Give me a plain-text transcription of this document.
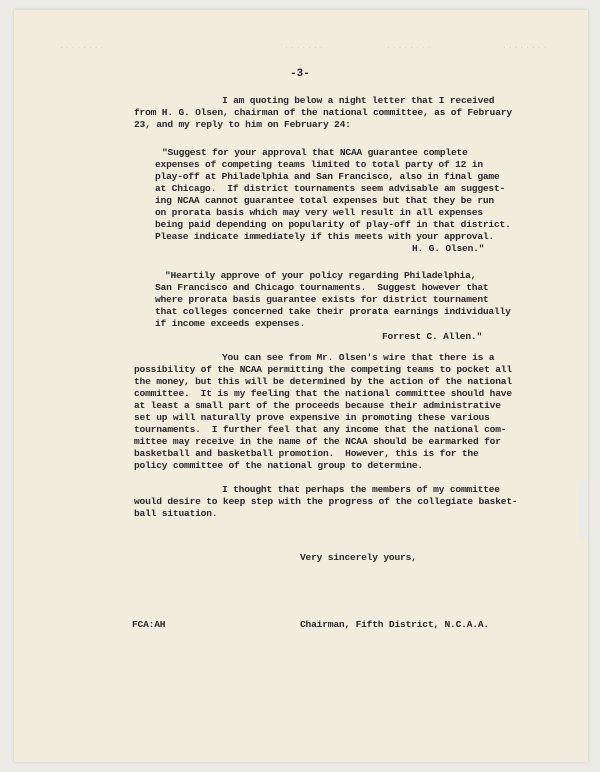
........	.......	........	........
-3-
I am quoting below a night letter that I received
from H. G. Olsen, chairman of the national committee, as of February
23, and my reply to him on February 24:
"Suggest for your approval that NCAA guarantee complete
expenses of competing teams limited to total party of 12 in
play-off at Philadelphia and San Francisco, also in final game
at Chicago.  If district tournaments seem advisable am suggest-
ing NCAA cannot guarantee total expenses but that they be run
on prorata basis which may very well result in all expenses
being paid depending on popularity of play-off in that district.
Please indicate immediately if this meets with your approval.
H. G. Olsen."
"Heartily approve of your policy regarding Philadelphia,
San Francisco and Chicago tournaments.  Suggest however that
where prorata basis guarantee exists for district tournament
that colleges concerned take their prorata earnings individually
if income exceeds expenses.
Forrest C. Allen."
You can see from Mr. Olsen's wire that there is a
possibility of the NCAA permitting the competing teams to pocket all
the money, but this will be determined by the action of the national
committee.  It is my feeling that the national committee should have
at least a small part of the proceeds because their administrative
set up will naturally prove expensive in promoting these various
tournaments.  I further feel that any income that the national com-
mittee may receive in the name of the NCAA should be earmarked for
basketball and basketball promotion.  However, this is for the
policy committee of the national group to determine.
I thought that perhaps the members of my committee
would desire to keep step with the progress of the collegiate basket-
ball situation.
Very sincerely yours,
FCA:AH	Chairman, Fifth District, N.C.A.A.
